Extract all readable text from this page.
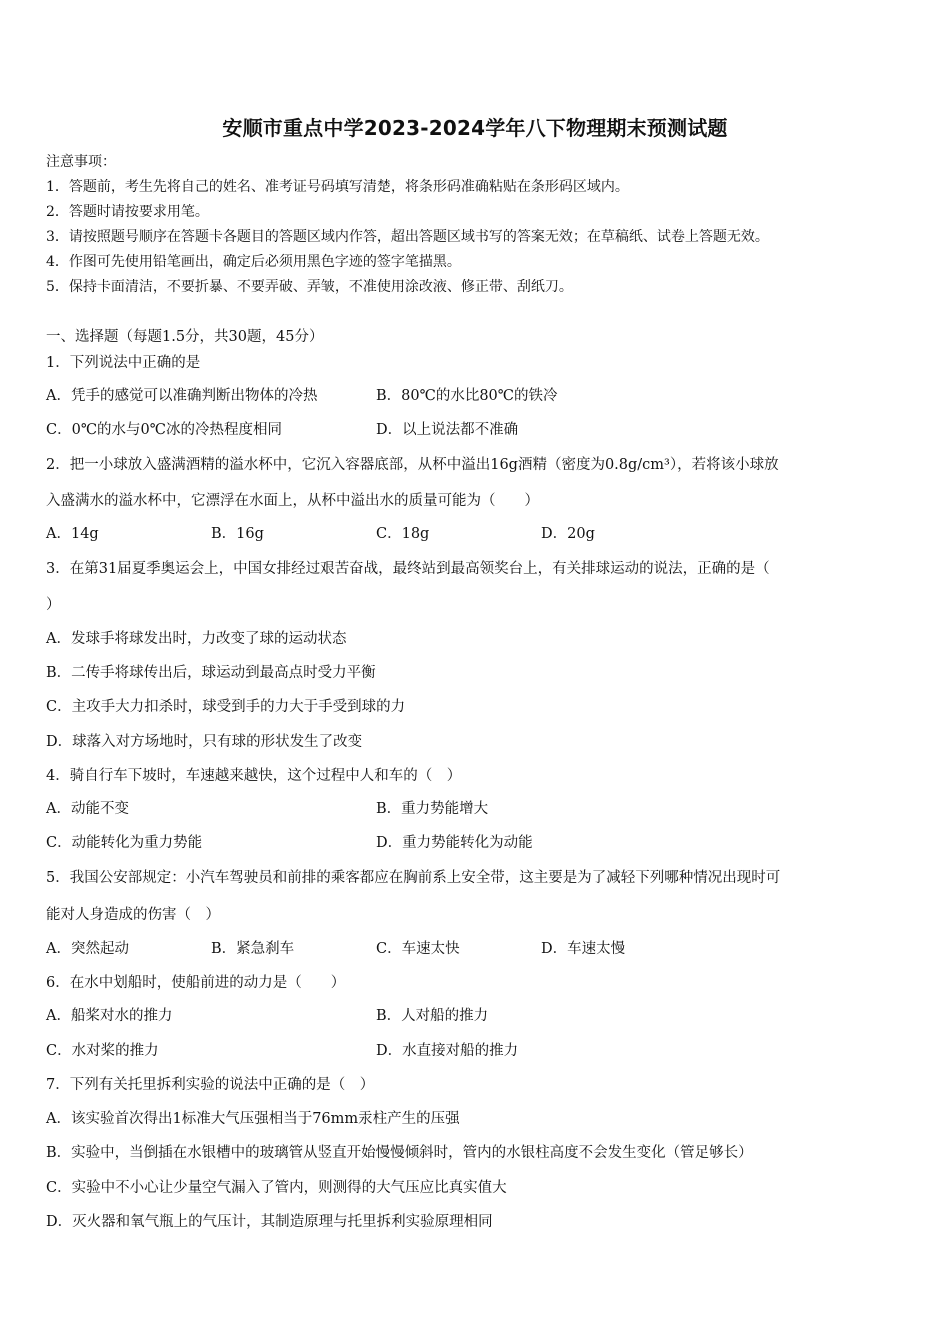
安顺市重点中学2023-2024学年八下物理期末预测试题
注意事项：
1．答题前，考生先将自己的姓名、准考证号码填写清楚，将条形码准确粘贴在条形码区域内。
2．答题时请按要求用笔。
3．请按照题号顺序在答题卡各题目的答题区域内作答，超出答题区域书写的答案无效；在草稿纸、试卷上答题无效。
4．作图可先使用铅笔画出，确定后必须用黑色字迹的签字笔描黑。
5．保持卡面清洁，不要折暴、不要弄破、弄皱，不准使用涂改液、修正带、刮纸刀。
一、选择题（每题1.5分，共30题，45分）
1．下列说法中正确的是
A．凭手的感觉可以准确判断出物体的冷热	B．80℃的水比80℃的铁冷
C．0℃的水与0℃冰的冷热程度相同	D．以上说法都不准确
2．把一小球放入盛满酒精的溢水杯中，它沉入容器底部，从杯中溢出16g酒精（密度为0.8g/cm³），若将该小球放
入盛满水的溢水杯中，它漂浮在水面上，从杯中溢出水的质量可能为（　　）
A．14g	B．16g	C．18g	D．20g
3．在第31届夏季奥运会上，中国女排经过艰苦奋战，最终站到最高领奖台上，有关排球运动的说法，正确的是（
）
A．发球手将球发出时，力改变了球的运动状态
B．二传手将球传出后，球运动到最高点时受力平衡
C．主攻手大力扣杀时，球受到手的力大于手受到球的力
D．球落入对方场地时，只有球的形状发生了改变
4．骑自行车下坡时，车速越来越快，这个过程中人和车的（　）
A．动能不变	B．重力势能增大
C．动能转化为重力势能	D．重力势能转化为动能
5．我国公安部规定：小汽车驾驶员和前排的乘客都应在胸前系上安全带，这主要是为了减轻下列哪种情况出现时可
能对人身造成的伤害（　）
A．突然起动	B．紧急刹车	C．车速太快	D．车速太慢
6．在水中划船时，使船前进的动力是（　　）
A．船桨对水的推力	B．人对船的推力
C．水对桨的推力	D．水直接对船的推力
7．下列有关托里拆利实验的说法中正确的是（　）
A．该实验首次得出1标准大气压强相当于76mm汞柱产生的压强
B．实验中，当倒插在水银槽中的玻璃管从竖直开始慢慢倾斜时，管内的水银柱高度不会发生变化（管足够长）
C．实验中不小心让少量空气漏入了管内，则测得的大气压应比真实值大
D．灭火器和氧气瓶上的气压计，其制造原理与托里拆利实验原理相同
